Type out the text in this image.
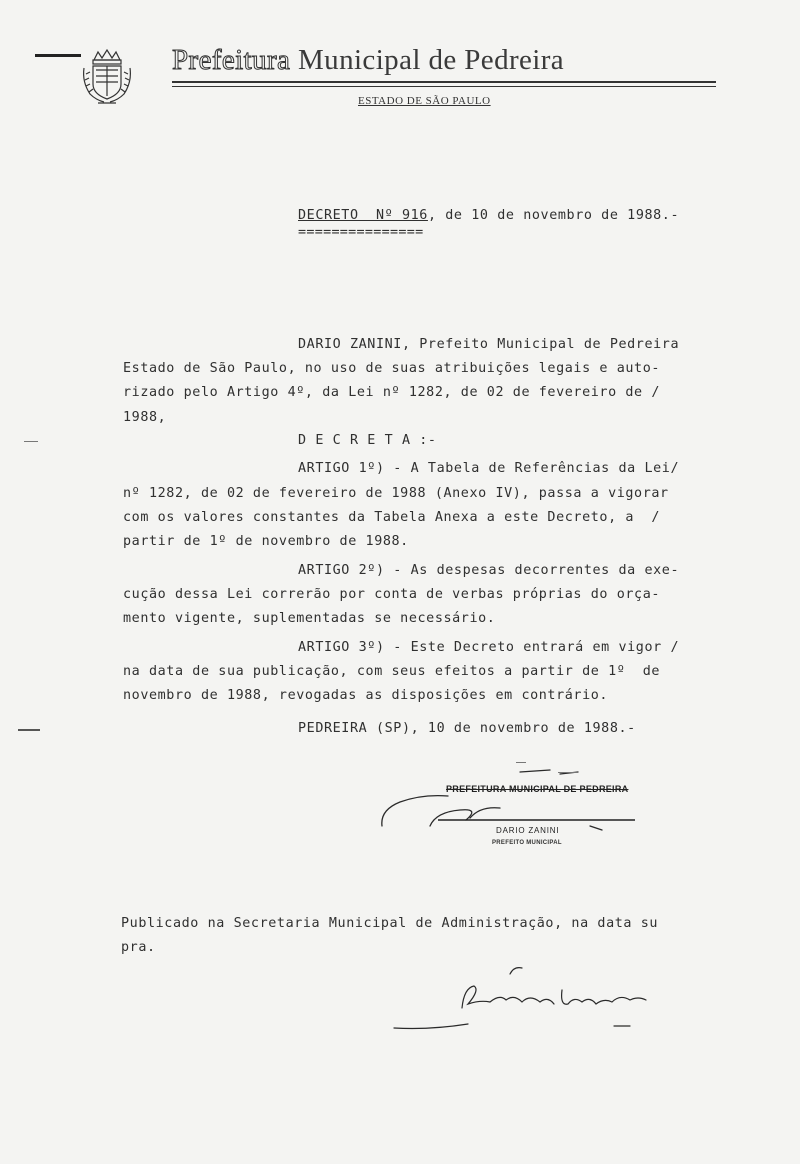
Prefeitura Municipal de Pedreira
ESTADO DE SÃO PAULO
DECRETO  Nº 916, de 10 de novembro de 1988.-
===============
DARIO ZANINI, Prefeito Municipal de Pedreira
Estado de São Paulo, no uso de suas atribuições legais e auto-
rizado pelo Artigo 4º, da Lei nº 1282, de 02 de fevereiro de /
1988,
D E C R E T A :-
ARTIGO 1º) - A Tabela de Referências da Lei/
nº 1282, de 02 de fevereiro de 1988 (Anexo IV), passa a vigorar
com os valores constantes da Tabela Anexa a este Decreto, a  /
partir de 1º de novembro de 1988.
ARTIGO 2º) - As despesas decorrentes da exe-
cução dessa Lei correrão por conta de verbas próprias do orça-
mento vigente, suplementadas se necessário.
ARTIGO 3º) - Este Decreto entrará em vigor /
na data de sua publicação, com seus efeitos a partir de 1º  de
novembro de 1988, revogadas as disposições em contrário.
PEDREIRA (SP), 10 de novembro de 1988.-
PREFEITURA MUNICIPAL DE PEDREIRA
DARIO ZANINI
PREFEITO MUNICIPAL
Publicado na Secretaria Municipal de Administração, na data su
pra.
